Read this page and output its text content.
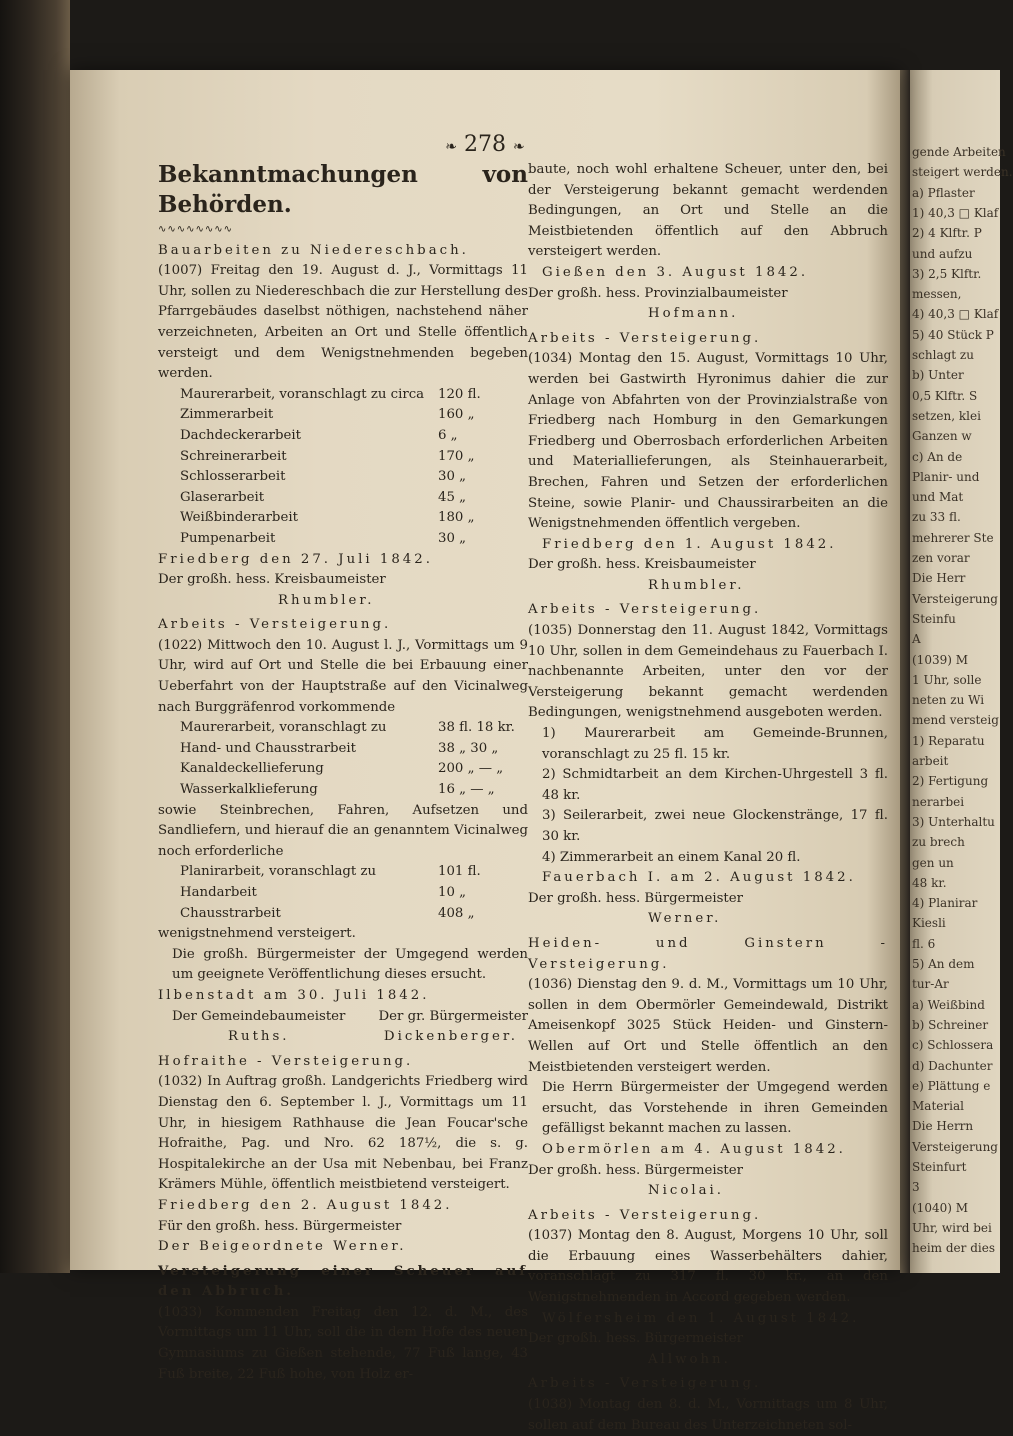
gende Arbeiten
steigert werden.
a) Pflaster
1) 40,3 □ Klaf
2) 4 Klftr. P
und aufzu
3) 2,5 Klftr.
messen,
4) 40,3 □ Klaf
5) 40 Stück P
schlagt zu
b) Unter
0,5 Klftr. S
setzen, klei
Ganzen w
c) An de
Planir- und
und Mat
zu 33 fl.
mehrerer Ste
zen vorar
Die Herr
Versteigerung
Steinfu
A
(1039) M
1 Uhr, solle
neten zu Wi
mend versteig
1) Reparatu
arbeit
2) Fertigung
nerarbei
3) Unterhaltu
zu brech
gen un
48 kr.
4) Planirar
Kiesli
fl. 6
5) An dem
tur-Ar
a) Weißbind
b) Schreiner
c) Schlossera
d) Dachunter
e) Plättung e
Material
Die Herrn
Versteigerung
Steinfurt
3
(1040) M
Uhr, wird bei
heim der dies
❧ 278 ❧

Bekanntmachungen von Behörden.

∿∿∿∿∿∿∿∿

Bauarbeiten zu Niedereschbach.

(1007) Freitag den 19. August d. J., Vormittags 11 Uhr, sollen zu Niedereschbach die zur Herstellung des Pfarrgebäudes daselbst nöthigen, nachstehend näher verzeichneten, Arbeiten an Ort und Stelle öffentlich versteigt und dem Wenigstnehmenden begeben werden.

Maurerarbeit, voranschlagt zu circa	120 fl.
Zimmerarbeit	160 „
Dachdeckerarbeit	6 „
Schreinerarbeit	170 „
Schlosserarbeit	30 „
Glaserarbeit	45 „
Weißbinderarbeit	180 „
Pumpenarbeit	30 „

Friedberg den 27. Juli 1842.

Der großh. hess. Kreisbaumeister

Rhumbler.

Arbeits - Versteigerung.

(1022) Mittwoch den 10. August l. J., Vormittags um 9 Uhr, wird auf Ort und Stelle die bei Erbauung einer Ueberfahrt von der Hauptstraße auf den Vicinalweg nach Burggräfenrod vorkommende

Maurerarbeit, voranschlagt zu	38 fl. 18 kr.
Hand- und Chausstrarbeit	38 „ 30 „
Kanaldeckellieferung	200 „ — „
Wasserkalklieferung	16 „ — „

sowie Steinbrechen, Fahren, Aufsetzen und Sandliefern, und hierauf die an genanntem Vicinalweg noch erforderliche

Planirarbeit, voranschlagt zu	101 fl.
Handarbeit	10 „
Chausstrarbeit	408 „

wenigstnehmend versteigert.

Die großh. Bürgermeister der Umgegend werden um geeignete Veröffentlichung dieses ersucht.

Ilbenstadt am 30. Juli 1842.

Der Gemeindebaumeister Der gr. Bürgermeister
Ruths.	Dickenberger.

Hofraithe - Versteigerung.

(1032) In Auftrag großh. Landgerichts Friedberg wird Dienstag den 6. September l. J., Vormittags um 11 Uhr, in hiesigem Rathhause die Jean Foucar'sche Hofraithe, Pag. und Nro. 62 187½, die s. g. Hospitalekirche an der Usa mit Nebenbau, bei Franz Krämers Mühle, öffentlich meistbietend versteigert.

Friedberg den 2. August 1842.

Für den großh. hess. Bürgermeister

Der Beigeordnete Werner.

Versteigerung einer Scheuer auf den Abbruch.

(1033) Kommenden Freitag den 12. d. M., des Vormittags um 11 Uhr, soll die in dem Hofe des neuen Gymnasiums zu Gießen stehende, 77 Fuß lange, 43 Fuß breite, 22 Fuß hohe, von Holz er-

baute, noch wohl erhaltene Scheuer, unter den, bei der Versteigerung bekannt gemacht werdenden Bedingungen, an Ort und Stelle an die Meistbietenden öffentlich auf den Abbruch versteigert werden.

Gießen den 3. August 1842.

Der großh. hess. Provinzialbaumeister

Hofmann.

Arbeits - Versteigerung.

(1034) Montag den 15. August, Vormittags 10 Uhr, werden bei Gastwirth Hyronimus dahier die zur Anlage von Abfahrten von der Provinzialstraße von Friedberg nach Homburg in den Gemarkungen Friedberg und Oberrosbach erforderlichen Arbeiten und Materiallieferungen, als Steinhauerarbeit, Brechen, Fahren und Setzen der erforderlichen Steine, sowie Planir- und Chaussirarbeiten an die Wenigstnehmenden öffentlich vergeben.

Friedberg den 1. August 1842.

Der großh. hess. Kreisbaumeister

Rhumbler.

Arbeits - Versteigerung.

(1035) Donnerstag den 11. August 1842, Vormittags 10 Uhr, sollen in dem Gemeindehaus zu Fauerbach I. nachbenannte Arbeiten, unter den vor der Versteigerung bekannt gemacht werdenden Bedingungen, wenigstnehmend ausgeboten werden.

1) Maurerarbeit am Gemeinde-Brunnen, voranschlagt zu 25 fl. 15 kr.

2) Schmidtarbeit an dem Kirchen-Uhrgestell 3 fl. 48 kr.

3) Seilerarbeit, zwei neue Glockenstränge, 17 fl. 30 kr.

4) Zimmerarbeit an einem Kanal 20 fl.

Fauerbach I. am 2. August 1842.

Der großh. hess. Bürgermeister

Werner.

Heiden- und Ginstern - Versteigerung.

(1036) Dienstag den 9. d. M., Vormittags um 10 Uhr, sollen in dem Obermörler Gemeindewald, Distrikt Ameisenkopf 3025 Stück Heiden- und Ginstern-Wellen auf Ort und Stelle öffentlich an den Meistbietenden versteigert werden.

Die Herrn Bürgermeister der Umgegend werden ersucht, das Vorstehende in ihren Gemeinden gefälligst bekannt machen zu lassen.

Obermörlen am 4. August 1842.

Der großh. hess. Bürgermeister

Nicolai.

Arbeits - Versteigerung.

(1037) Montag den 8. August, Morgens 10 Uhr, soll die Erbauung eines Wasserbehälters dahier, voranschlagt zu 317 fl. 30 kr., an den Wenigstnehmenden in Accord gegeben werden.

Wölfersheim den 1. August 1842.

Der großh. hess. Bürgermeister

Allwohn.

Arbeits - Versteigerung.

(1038) Montag den 8. d. M., Vormittags um 8 Uhr, sollen auf dem Bureau des Unterzeichneten sol-
